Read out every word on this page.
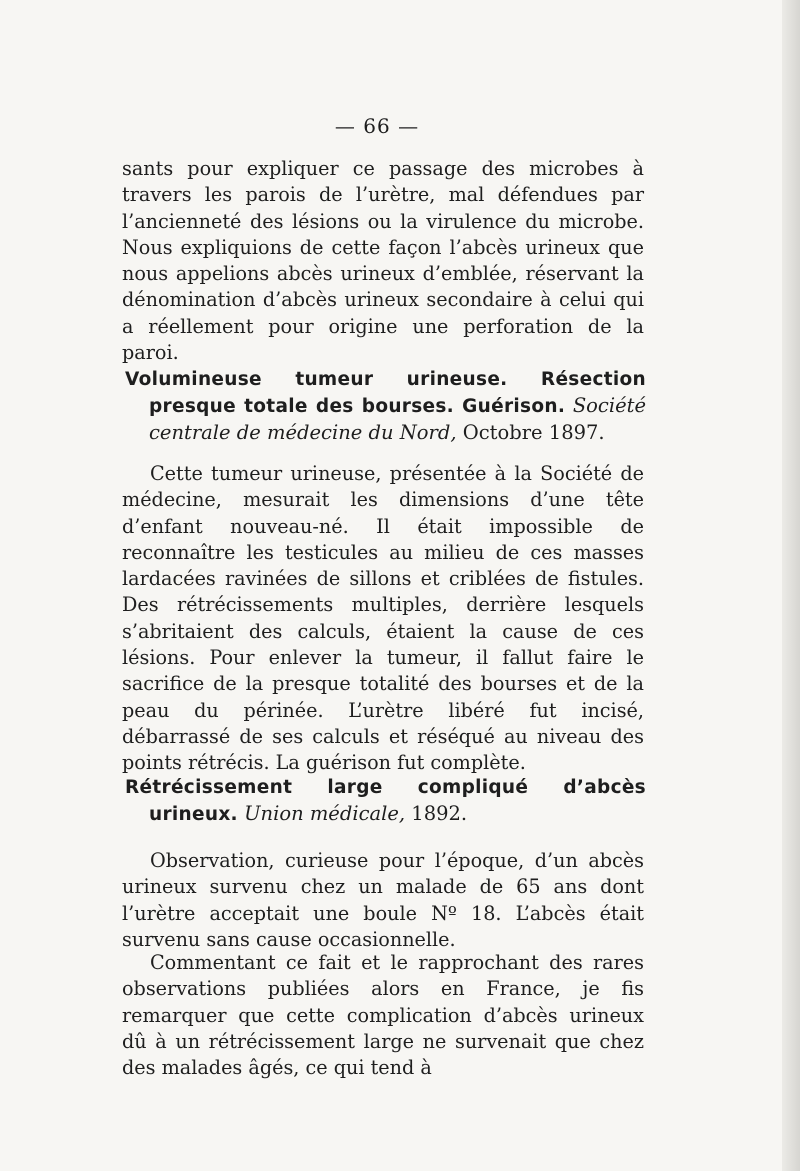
— 66 —

sants pour expliquer ce passage des microbes à travers les parois de l’urètre, mal défendues par l’ancienneté des lésions ou la virulence du microbe. Nous expliquions de cette façon l’abcès urineux que nous appelions abcès urineux d’emblée, réservant la dénomination d’abcès urineux secondaire à celui qui a réellement pour origine une perforation de la paroi.

Volumineuse tumeur urineuse. Résection presque totale des bourses. Guérison. Société centrale de médecine du Nord, Octobre 1897.

Cette tumeur urineuse, présentée à la Société de médecine, mesurait les dimensions d’une tête d’enfant nouveau-né. Il était impossible de reconnaître les testicules au milieu de ces masses lardacées ravinées de sillons et criblées de fistules. Des rétrécissements multiples, derrière lesquels s’abritaient des calculs, étaient la cause de ces lésions. Pour enlever la tumeur, il fallut faire le sacrifice de la presque totalité des bourses et de la peau du périnée. L’urètre libéré fut incisé, débarrassé de ses calculs et réséqué au niveau des points rétrécis. La guérison fut complète.

Rétrécissement large compliqué d’abcès urineux. Union médicale, 1892.

Observation, curieuse pour l’époque, d’un abcès urineux survenu chez un malade de 65 ans dont l’urètre acceptait une boule Nº 18. L’abcès était survenu sans cause occasionnelle.

Commentant ce fait et le rapprochant des rares observations publiées alors en France, je fis remarquer que cette complication d’abcès urineux dû à un rétrécissement large ne survenait que chez des malades âgés, ce qui tend à
